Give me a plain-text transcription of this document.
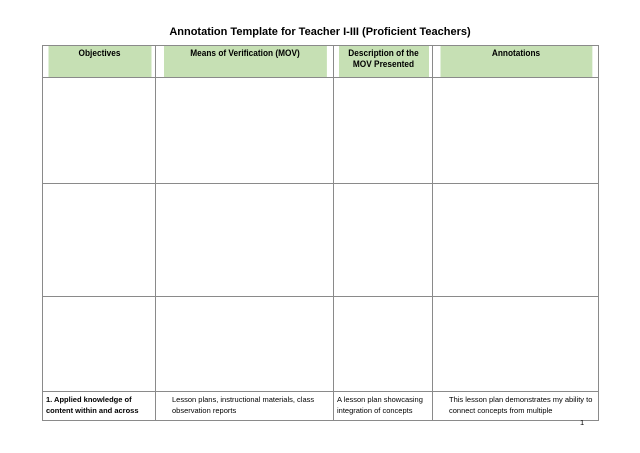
Annotation Template for Teacher I-III (Proficient Teachers)
Objectives	Means of Verification (MOV)	Description of the MOV Presented	Annotations

1. Applied knowledge of content within and across	Lesson plans, instructional materials, class observation reports	A lesson plan showcasing integration of concepts	This lesson plan demonstrates my ability to connect concepts from multiple
1
